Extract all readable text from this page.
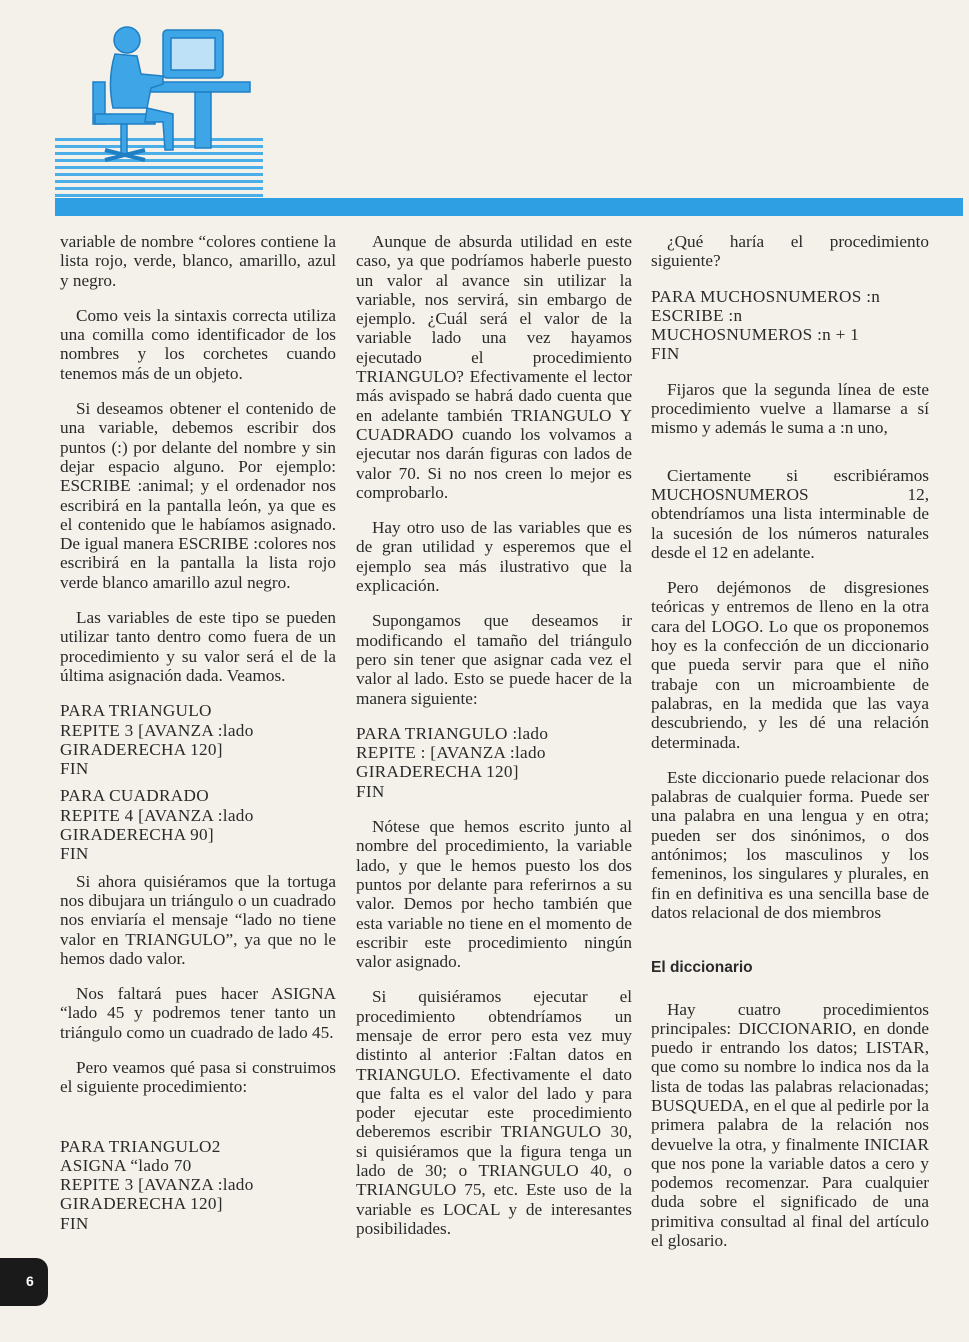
variable de nombre “colores contiene la lista rojo, verde, blanco, amarillo, azul y negro.

Como veis la sintaxis correcta utiliza una comilla como identificador de los nombres y los corchetes cuando tenemos más de un objeto.

Si deseamos obtener el contenido de una variable, debemos escribir dos puntos (:) por delante del nombre y sin dejar espacio alguno. Por ejemplo: ESCRIBE :animal; y el ordenador nos escribirá en la pantalla león, ya que es el contenido que le habíamos asignado. De igual manera ESCRIBE :colores nos escribirá en la pantalla la lista rojo verde blanco amarillo azul negro.

Las variables de este tipo se pueden utilizar tanto dentro como fuera de un procedimiento y su valor será el de la última asignación dada. Veamos.

PARA TRIANGULO
REPITE 3 [AVANZA :lado GIRADERECHA 120]
FIN

PARA CUADRADO
REPITE 4 [AVANZA :lado GIRADERECHA 90]
FIN

Si ahora quisiéramos que la tortuga nos dibujara un triángulo o un cuadrado nos enviaría el mensaje “lado no tiene valor en TRIANGULO”, ya que no le hemos dado valor.

Nos faltará pues hacer ASIGNA “lado 45 y podremos tener tanto un triángulo como un cuadrado de lado 45.

Pero veamos qué pasa si construimos el siguiente procedimiento:

PARA TRIANGULO2
ASIGNA “lado 70
REPITE 3 [AVANZA :lado GIRADERECHA 120]
FIN

Aunque de absurda utilidad en este caso, ya que podríamos haberle puesto un valor al avance sin utilizar la variable, nos servirá, sin embargo de ejemplo. ¿Cuál será el valor de la variable lado una vez hayamos ejecutado el procedimiento TRIANGULO? Efectivamente el lector más avispado se habrá dado cuenta que en adelante también TRIANGULO Y CUADRADO cuando los volvamos a ejecutar nos darán figuras con lados de valor 70. Si no nos creen lo mejor es comprobarlo.

Hay otro uso de las variables que es de gran utilidad y esperemos que el ejemplo sea más ilustrativo que la explicación.

Supongamos que deseamos ir modificando el tamaño del triángulo pero sin tener que asignar cada vez el valor al lado. Esto se puede hacer de la manera siguiente:

PARA TRIANGULO :lado
REPITE : [AVANZA :lado GIRADERECHA 120]
FIN

Nótese que hemos escrito junto al nombre del procedimiento, la variable lado, y que le hemos puesto los dos puntos por delante para referirnos a su valor. Demos por hecho también que esta variable no tiene en el momento de escribir este procedimiento ningún valor asignado.

Si quisiéramos ejecutar el procedimiento obtendríamos un mensaje de error pero esta vez muy distinto al anterior :Faltan datos en TRIANGULO. Efectivamente el dato que falta es el valor del lado y para poder ejecutar este procedimiento deberemos escribir TRIANGULO 30, si quisiéramos que la figura tenga un lado de 30; o TRIANGULO 40, o TRIANGULO 75, etc. Este uso de la variable es LOCAL y de interesantes posibilidades.

¿Qué haría el procedimiento siguiente?

PARA MUCHOSNUMEROS :n
ESCRIBE :n
MUCHOSNUMEROS :n + 1
FIN

Fijaros que la segunda línea de este procedimiento vuelve a llamarse a sí mismo y además le suma a :n uno,

Ciertamente si escribiéramos MUCHOSNUMEROS 12, obtendríamos una lista interminable de la sucesión de los números naturales desde el 12 en adelante.

Pero dejémonos de disgresiones teóricas y entremos de lleno en la otra cara del LOGO. Lo que os proponemos hoy es la confección de un diccionario que pueda servir para que el niño trabaje con un microambiente de palabras, en la medida que las vaya descubriendo, y les dé una relación determinada.

Este diccionario puede relacionar dos palabras de cualquier forma. Puede ser una palabra en una lengua y en otra; pueden ser dos sinónimos, o dos antónimos; los masculinos y los femeninos, los singulares y plurales, en fin en definitiva es una sencilla base de datos relacional de dos miembros

El diccionario

Hay cuatro procedimientos principales: DICCIONARIO, en donde puedo ir entrando los datos; LISTAR, que como su nombre lo indica nos da la lista de todas las palabras relacionadas; BUSQUEDA, en el que al pedirle por la primera palabra de la relación nos devuelve la otra, y finalmente INICIAR que nos pone la variable datos a cero y podemos recomenzar. Para cualquier duda sobre el significado de una primitiva consultad al final del artículo el glosario.

6
